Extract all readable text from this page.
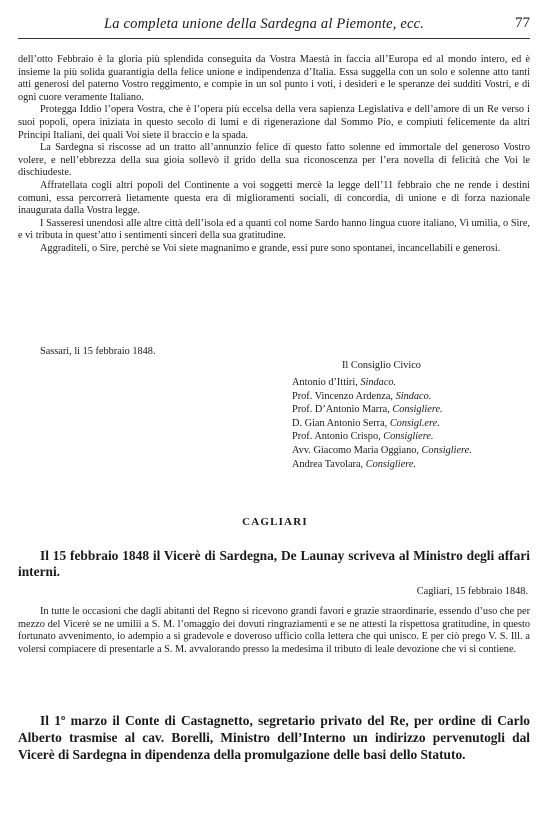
La completa unione della Sardegna al Piemonte, ecc.	77

dell’otto Febbraio è la gloria più splendida conseguita da Vostra Maestà in faccia all’Europa ed al mondo intero, ed è insieme la più solida guarantigia della felice unione e indipendenza d’Italia. Essa suggella con un solo e solenne atto tanti atti generosi del paterno Vostro reggimento, e compie in un sol punto i voti, i desideri e le speranze dei sudditi Vostri, e di ogni cuore veramente Italiano.

Protegga Iddio l’opera Vostra, che è l’opera più eccelsa della vera sapienza Legislativa e dell’amore di un Re verso i suoi popoli, opera iniziata in questo secolo di lumi e di rigenerazione dal Sommo Pio, e compiuti felicemente da altri Principi Italiani, dei quali Voi siete il braccio e la spada.

La Sardegna si riscosse ad un tratto all’annunzio felice di questo fatto solenne ed immortale del generoso Vostro volere, e nell’ebbrezza della sua gioia sollevò il grido della sua riconoscenza per l’era novella di felicità che Voi le dischiudeste.

Affratellata cogli altri popoli del Continente a voi soggetti mercè la legge dell’11 febbraio che ne rende i destini comuni, essa percorrerà lietamente questa era di miglioramenti sociali, di concordia, di unione e di forza nazionale inaugurata dalla Vostra legge.

I Sasseresi unendosi alle altre città dell’isola ed a quanti col nome Sardo hanno lingua cuore italiano, Vi umilia, o Sire, e vi tributa in quest’atto i sentimenti sinceri della sua gratitudine.

Aggraditeli, o Sire, perchè se Voi siete magnanimo e grande, essi pure sono spontanei, incancellabili e generosi.

Sassari, li 15 febbraio 1848.

Il Consiglio Civico

Antonio d’Ittiri, Sindaco.

Prof. Vincenzo Ardenza, Sindaco.

Prof. D’Antonio Marra, Consigliere.

D. Gian Antonio Serra, Consigl.ere.

Prof. Antonio Crispo, Consigliere.

Avv. Giacomo Maria Oggiano, Consigliere.

Andrea Tavolara, Consigliere.

CAGLIARI

Il 15 febbraio 1848 il Vicerè di Sardegna, De Launay scriveva al Ministro degli affari interni.

Cagliari, 15 febbraio 1848.

In tutte le occasioni che dagli abitanti del Regno si ricevono grandi favori e grazie straordinarie, essendo d’uso che per mezzo del Vicerè se ne umilii a S. M. l’omaggio dei dovuti ringraziamenti e se ne attesti la rispettosa gratitudine, in questo fortunato avvenimento, io adempio a sì gradevole e doveroso ufficio colla lettera che qui unisco. E per ciò prego V. S. Ill. a volersi compiacere di presentarle a S. M. avvalorando presso la medesima il tributo di leale devozione che vi si contiene.

Il 1º marzo il Conte di Castagnetto, segretario privato del Re, per ordine di Carlo Alberto trasmise al cav. Borelli, Ministro dell’Interno un indirizzo pervenutogli dal Vicerè di Sardegna in dipendenza della promulgazione delle basi dello Statuto.
